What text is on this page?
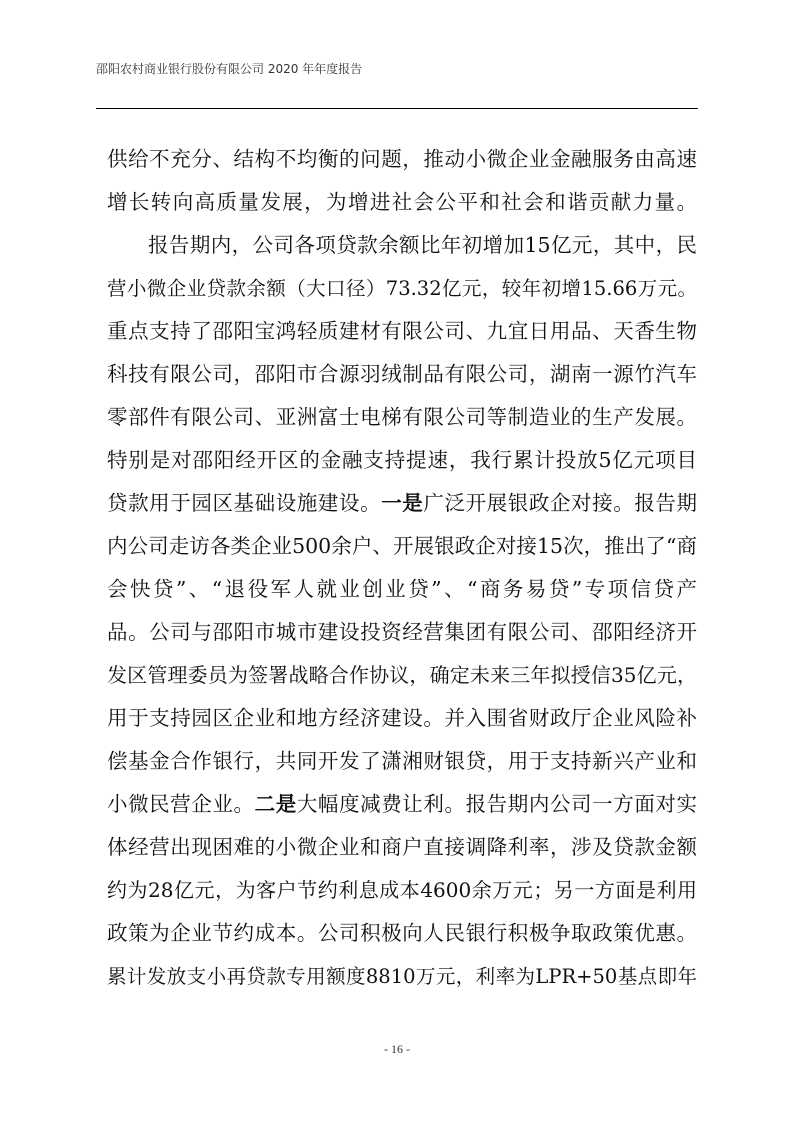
邵阳农村商业银行股份有限公司 2020 年年度报告
供给不充分、结构不均衡的问题，推动小微企业金融服务由高速
增长转向高质量发展，为增进社会公平和社会和谐贡献力量。
报告期内，公司各项贷款余额比年初增加15亿元，其中，民
营小微企业贷款余额（大口径）73.32亿元，较年初增15.66万元。
重点支持了邵阳宝鸿轻质建材有限公司、九宜日用品、天香生物
科技有限公司，邵阳市合源羽绒制品有限公司，湖南一源竹汽车
零部件有限公司、亚洲富士电梯有限公司等制造业的生产发展。
特别是对邵阳经开区的金融支持提速，我行累计投放5亿元项目
贷款用于园区基础设施建设。一是广泛开展银政企对接。报告期
内公司走访各类企业500余户、开展银政企对接15次，推出了“商
会快贷”、“退役军人就业创业贷”、“商务易贷”专项信贷产
品。公司与邵阳市城市建设投资经营集团有限公司、邵阳经济开
发区管理委员为签署战略合作协议，确定未来三年拟授信35亿元，
用于支持园区企业和地方经济建设。并入围省财政厅企业风险补
偿基金合作银行，共同开发了潇湘财银贷，用于支持新兴产业和
小微民营企业。二是大幅度减费让利。报告期内公司一方面对实
体经营出现困难的小微企业和商户直接调降利率，涉及贷款金额
约为28亿元，为客户节约利息成本4600余万元；另一方面是利用
政策为企业节约成本。公司积极向人民银行积极争取政策优惠。
累计发放支小再贷款专用额度8810万元，利率为LPR+50基点即年
- 16 -
